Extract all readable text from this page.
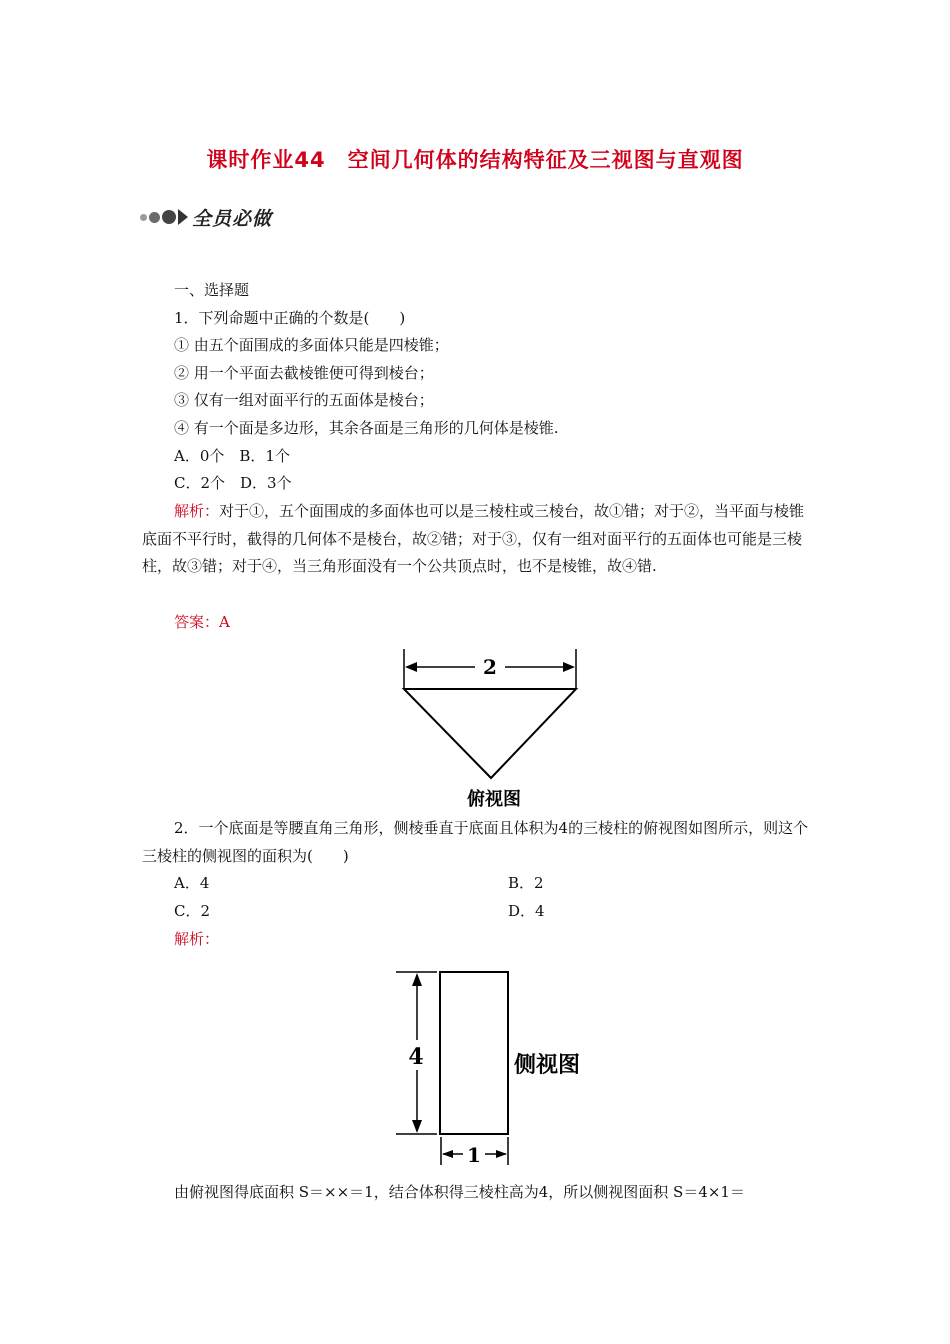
课时作业44　空间几何体的结构特征及三视图与直观图
全员必做
一、选择题
1．下列命题中正确的个数是(　　)
① 由五个面围成的多面体只能是四棱锥；
② 用一个平面去截棱锥便可得到棱台；
③ 仅有一组对面平行的五面体是棱台；
④ 有一个面是多边形，其余各面是三角形的几何体是棱锥.
A．0个　B．1个
C．2个　D．3个
解析：对于①，五个面围成的多面体也可以是三棱柱或三棱台，故①错；对于②，当平面与棱锥底面不平行时，截得的几何体不是棱台，故②错；对于③，仅有一组对面平行的五面体也可能是三棱柱，故③错；对于④，当三角形面没有一个公共顶点时，也不是棱锥，故④错.
答案：A
2
俯视图
2．一个底面是等腰直角三角形，侧棱垂直于底面且体积为4的三棱柱的俯视图如图所示，则这个三棱柱的侧视图的面积为(　　)
A．4	B．2
C．2	D．4
解析：
4
1
侧视图
由俯视图得底面积 S＝××＝1，结合体积得三棱柱高为4，所以侧视图面积 S＝4×1＝
